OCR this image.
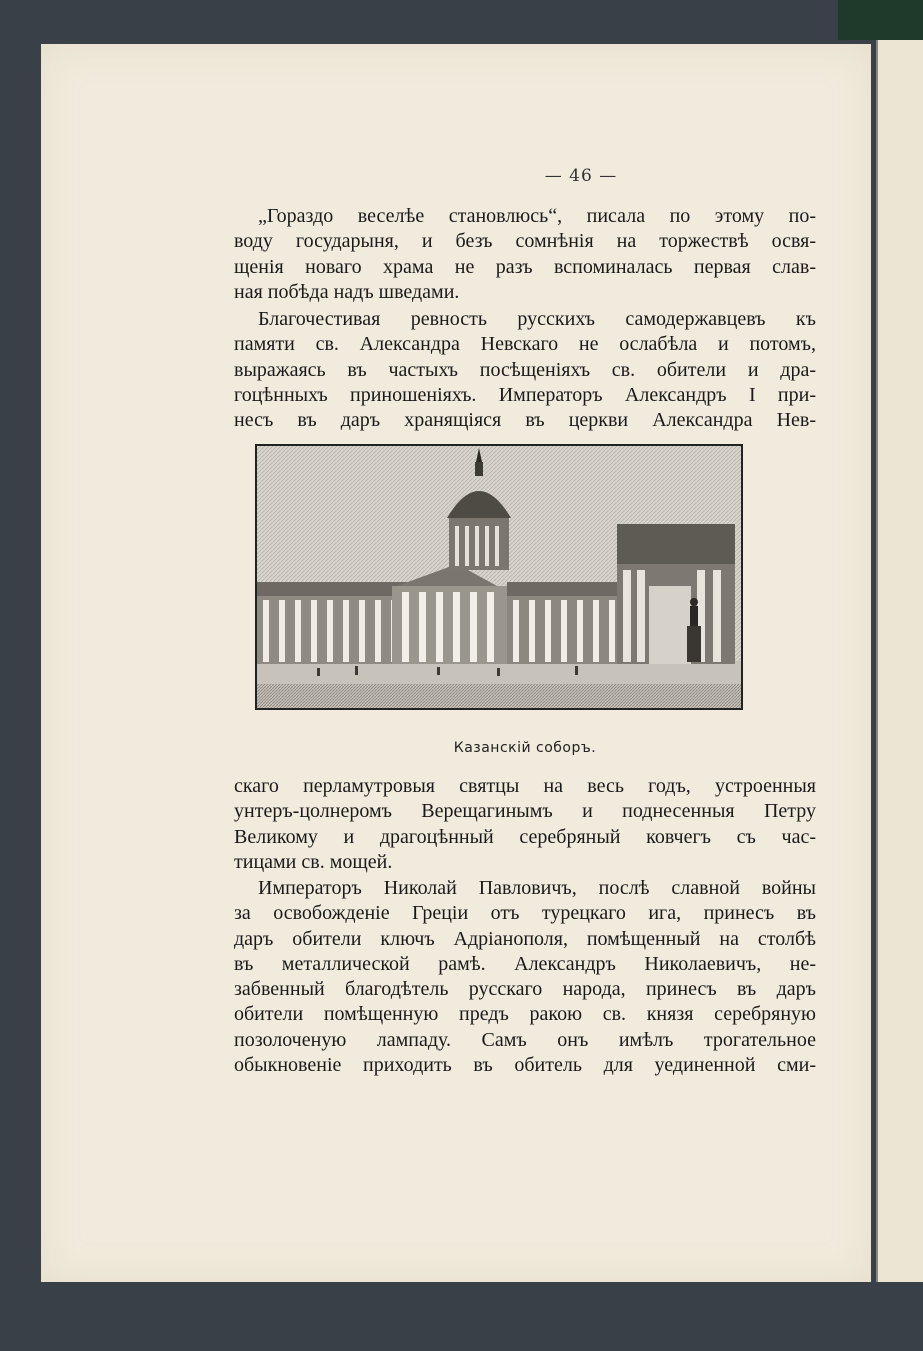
— 46 —
„Гораздо веселѣе становлюсь“, писала по этому по-
воду государыня, и безъ сомнѣнія на торжествѣ освя-
щенія новаго храма не разъ вспоминалась первая слав-
ная побѣда надъ шведами.
Благочестивая ревность русскихъ самодержавцевъ къ
памяти св. Александра Невскаго не ослабѣла и потомъ,
выражаясь въ частыхъ посѣщеніяхъ св. обители и дра-
гоцѣнныхъ приношеніяхъ. Императоръ Александръ I при-
несъ въ даръ хранящіяся въ церкви Александра Нев-
Казанскій соборъ.
скаго перламутровыя святцы на весь годъ, устроенныя
унтеръ-цолнеромъ Верещагинымъ и поднесенныя Петру
Великому и драгоцѣнный серебряный ковчегъ съ час-
тицами св. мощей.
Императоръ Николай Павловичъ, послѣ славной войны
за освобожденіе Греціи отъ турецкаго ига, принесъ въ
даръ обители ключъ Адріанополя, помѣщенный на столбѣ
въ металлической рамѣ. Александръ Николаевичъ, не-
забвенный благодѣтель русскаго народа, принесъ въ даръ
обители помѣщенную предъ ракою св. князя серебряную
позолоченую лампаду. Самъ онъ имѣлъ трогательное
обыкновеніе приходить въ обитель для уединенной сми-
